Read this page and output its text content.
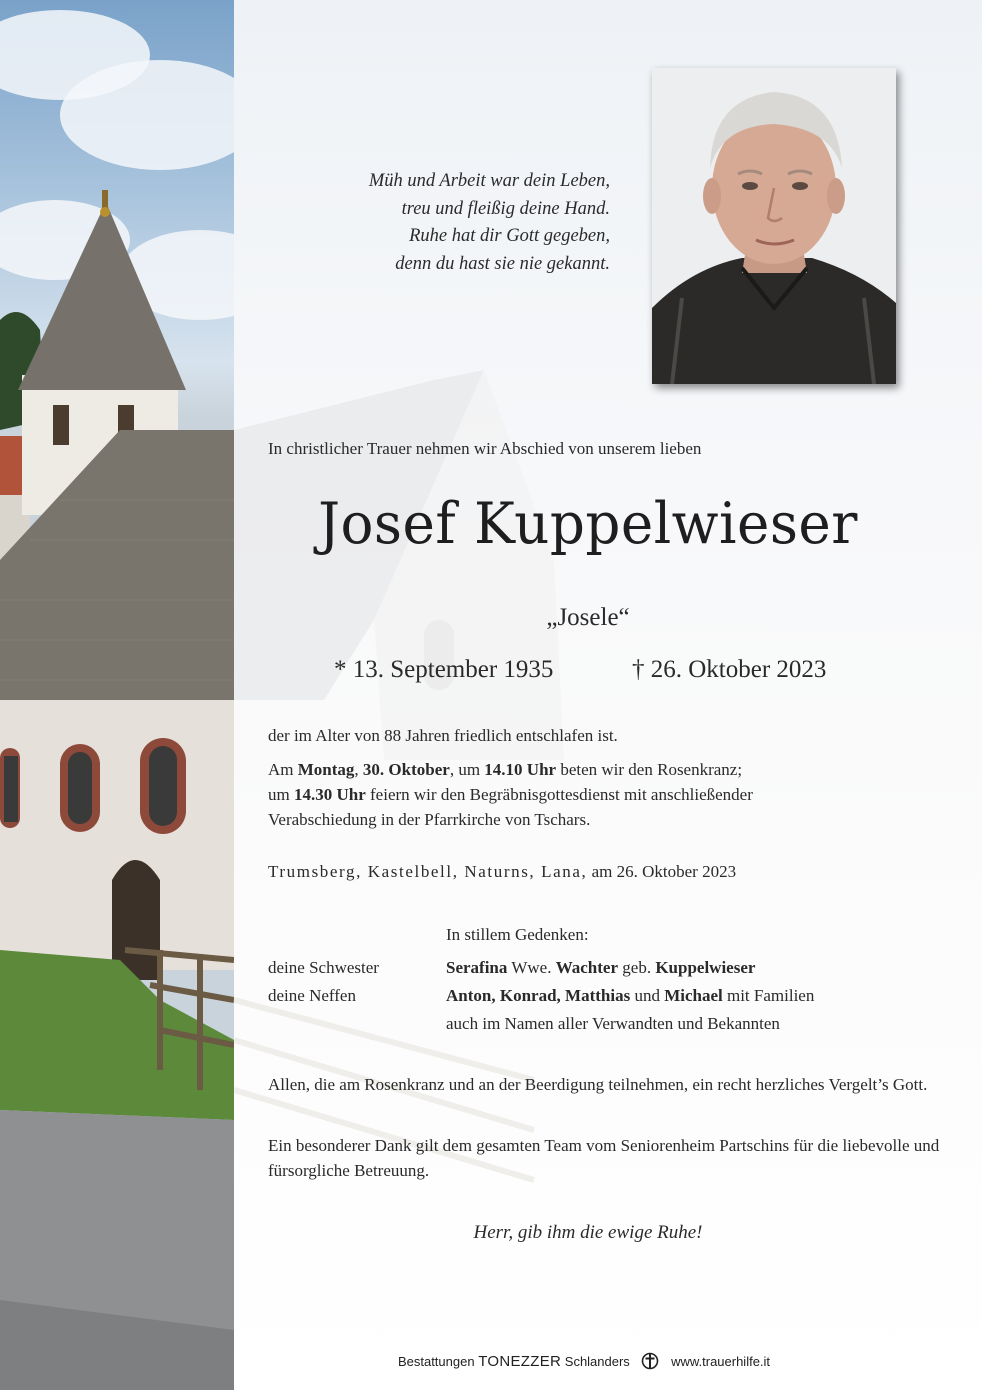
Müh und Arbeit war dein Leben,
treu und fleißig deine Hand.
Ruhe hat dir Gott gegeben,
denn du hast sie nie gekannt.
In christlicher Trauer nehmen wir Abschied von unserem lieben
Josef Kuppelwieser
„Josele“
* 13. September 1935	† 26. Oktober 2023
der im Alter von 88 Jahren friedlich entschlafen ist.
Am Montag, 30. Oktober, um 14.10 Uhr beten wir den Rosenkranz;
um 14.30 Uhr feiern wir den Begräbnisgottesdienst mit anschließender
Verabschiedung in der Pfarrkirche von Tschars.
Trumsberg, Kastelbell, Naturns, Lana, am 26. Oktober 2023
In stillem Gedenken:
deine Schwester	Serafina Wwe. Wachter geb. Kuppelwieser
deine Neffen	Anton, Konrad, Matthias und Michael mit Familien
auch im Namen aller Verwandten und Bekannten
Allen, die am Rosenkranz und an der Beerdigung teilnehmen, ein recht herzliches Vergelt’s Gott.
Ein besonderer Dank gilt dem gesamten Team vom Seniorenheim Partschins für die liebevolle und fürsorgliche Betreuung.
Herr, gib ihm die ewige Ruhe!
Bestattungen TONEZZER Schlanders	www.trauerhilfe.it
